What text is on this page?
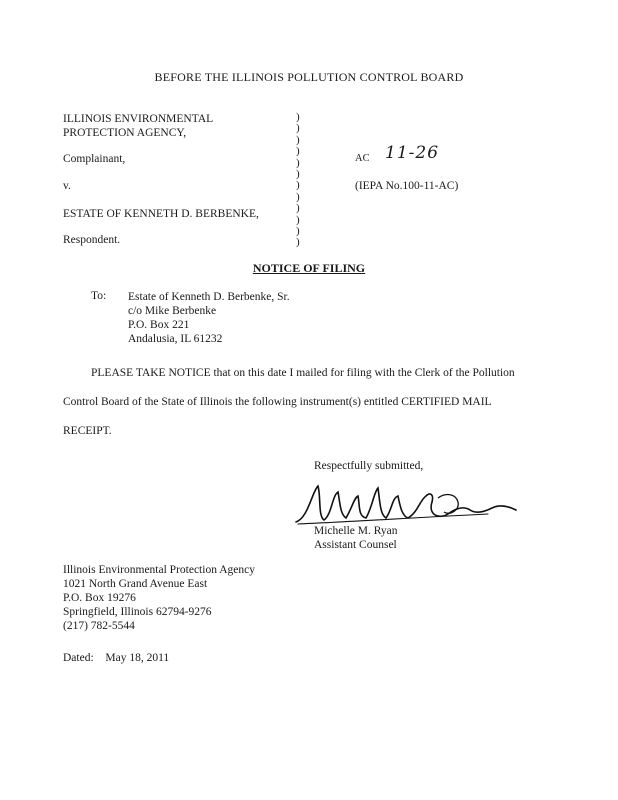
BEFORE THE ILLINOIS POLLUTION CONTROL BOARD
ILLINOIS ENVIRONMENTAL
PROTECTION AGENCY,
Complainant,
v.
ESTATE OF KENNETH D. BERBENKE,
Respondent.
)
)
)
)
)
)
)
)
)
)
)
)
AC 11-26
(IEPA No.100-11-AC)
NOTICE OF FILING
To: Estate of Kenneth D. Berbenke, Sr.
c/o Mike Berbenke
P.O. Box 221
Andalusia, IL 61232
PLEASE TAKE NOTICE that on this date I mailed for filing with the Clerk of the Pollution
Control Board of the State of Illinois the following instrument(s) entitled CERTIFIED MAIL
RECEIPT.
Respectfully submitted,
Michelle M. Ryan
Assistant Counsel
Illinois Environmental Protection Agency
1021 North Grand Avenue East
P.O. Box 19276
Springfield, Illinois 62794-9276
(217) 782-5544
Dated: May 18, 2011
